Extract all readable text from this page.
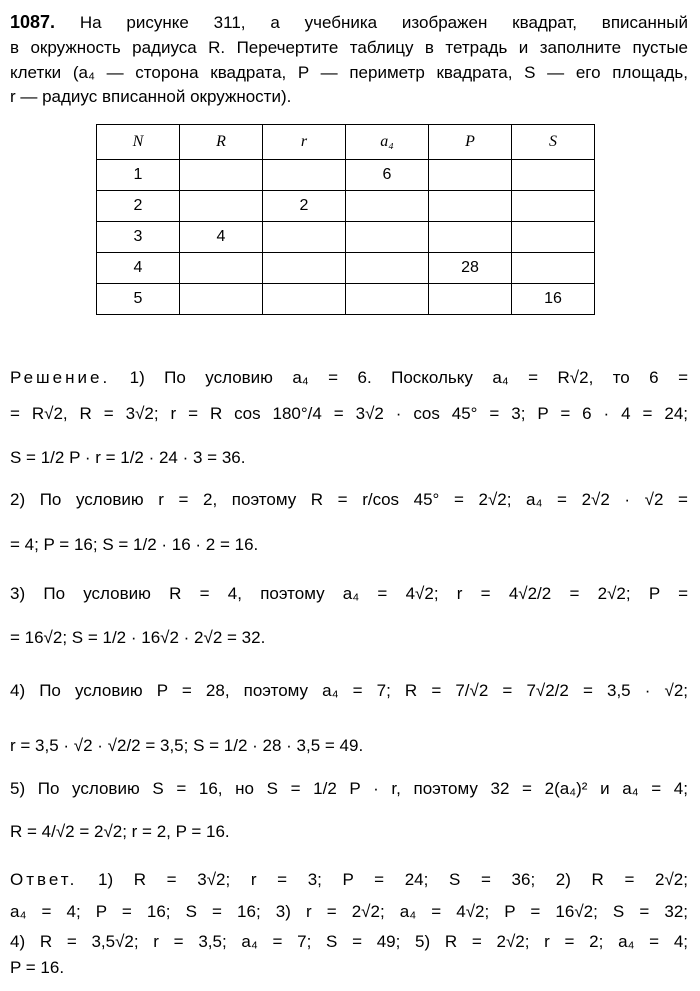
1087. На рисунке 311, а учебника изображен квадрат, вписанный
в окружность радиуса R. Перечертите таблицу в тетрадь и заполните пустые
клетки (a₄ — сторона квадрата, P — периметр квадрата, S — его площадь,
r — радиус вписанной окружности).
N	R	r	a₄	P	S
1			6		
2		2			
3	4				
4				28	
5					16
Решение. 1) По условию a₄ = 6. Поскольку a₄ = R√2, то 6 =
= R√2, R = 3√2; r = R cos 180°/4 = 3√2 · cos 45° = 3; P = 6 · 4 = 24;
S = 1/2 P · r = 1/2 · 24 · 3 = 36.
2) По условию r = 2, поэтому R = r/cos 45° = 2√2; a₄ = 2√2 · √2 =
= 4; P = 16; S = 1/2 · 16 · 2 = 16.
3) По условию R = 4, поэтому a₄ = 4√2; r = 4√2/2 = 2√2; P =
= 16√2; S = 1/2 · 16√2 · 2√2 = 32.
4) По условию P = 28, поэтому a₄ = 7; R = 7/√2 = 7√2/2 = 3,5 · √2;
r = 3,5 · √2 · √2/2 = 3,5; S = 1/2 · 28 · 3,5 = 49.
5) По условию S = 16, но S = 1/2 P · r, поэтому 32 = 2(a₄)² и a₄ = 4;
R = 4/√2 = 2√2; r = 2, P = 16.
Ответ. 1) R = 3√2; r = 3; P = 24; S = 36; 2) R = 2√2;
a₄ = 4; P = 16; S = 16; 3) r = 2√2; a₄ = 4√2; P = 16√2; S = 32;
4) R = 3,5√2; r = 3,5; a₄ = 7; S = 49; 5) R = 2√2; r = 2; a₄ = 4;
P = 16.
